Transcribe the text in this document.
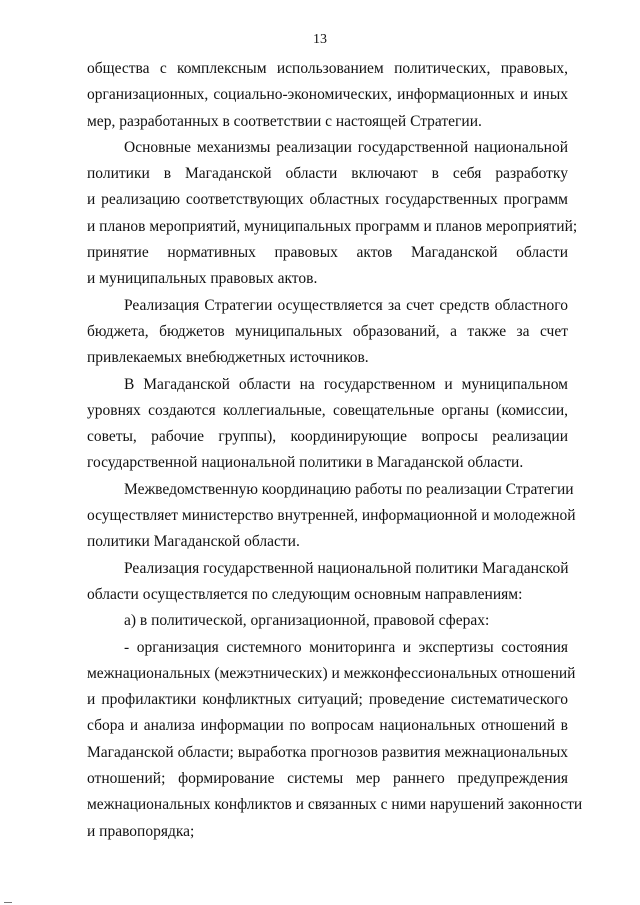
13
общества с комплексным использованием политических, правовых,
организационных, социально-экономических, информационных и иных
мер, разработанных в соответствии с настоящей Стратегии.
Основные механизмы реализации государственной национальной
политики в Магаданской области включают в себя разработку
и реализацию соответствующих областных государственных программ
и планов мероприятий, муниципальных программ и планов мероприятий;
принятие нормативных правовых актов Магаданской области
и муниципальных правовых актов.
Реализация Стратегии осуществляется за счет средств областного
бюджета, бюджетов муниципальных образований, а также за счет
привлекаемых внебюджетных источников.
В Магаданской области на государственном и муниципальном
уровнях создаются коллегиальные, совещательные органы (комиссии,
советы, рабочие группы), координирующие вопросы реализации
государственной национальной политики в Магаданской области.
Межведомственную координацию работы по реализации Стратегии
осуществляет министерство внутренней, информационной и молодежной
политики Магаданской области.
Реализация государственной национальной политики Магаданской
области осуществляется по следующим основным направлениям:
а) в политической, организационной, правовой сферах:
- организация системного мониторинга и экспертизы состояния
межнациональных (межэтнических) и межконфессиональных отношений
и профилактики конфликтных ситуаций; проведение систематического
сбора и анализа информации по вопросам национальных отношений в
Магаданской области; выработка прогнозов развития межнациональных
отношений; формирование системы мер раннего предупреждения
межнациональных конфликтов и связанных с ними нарушений законности
и правопорядка;
